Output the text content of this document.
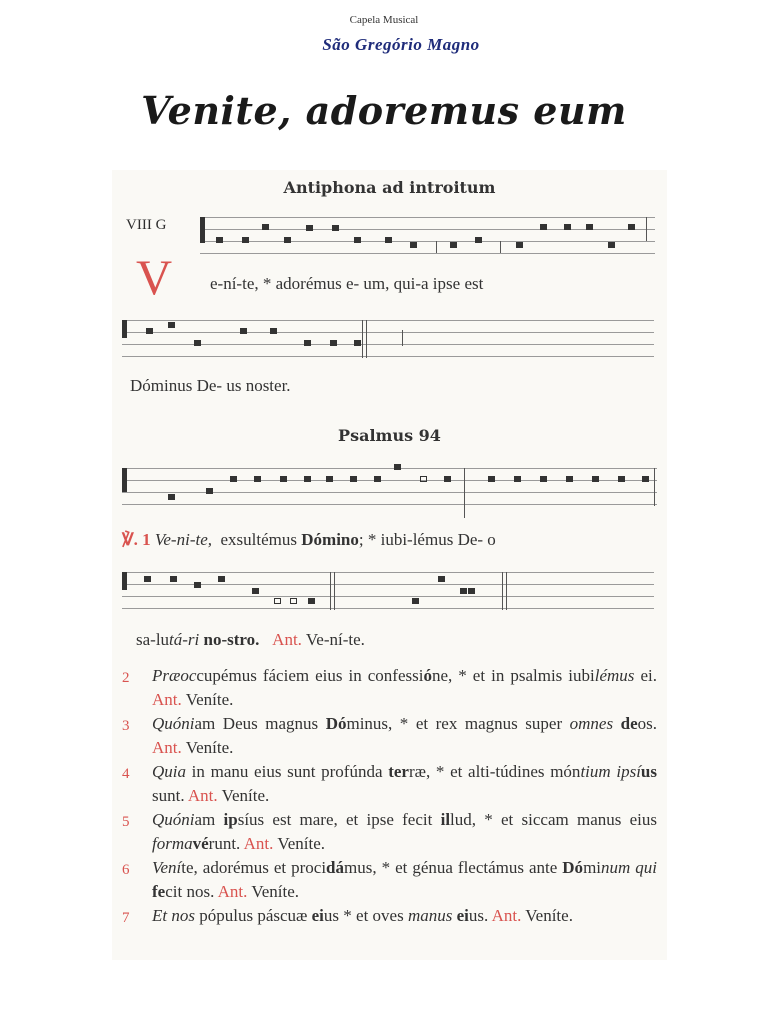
Capela Musical
São Gregório Magno
Venite, adoremus eum
Antiphona ad introitum
VIII G
V e-ní-te, * adorémus e- um, qui-a ipse est
Dóminus De- us noster.
Psalmus 94
℣. 1 Ve-ni-te, exsultémus Dómino; * iubi-lémus De- o
sa-lutá-ri no-stro. Ant. Ve-ní-te.
2 Præoccupémus fáciem eius in confessióne, * et in psalmis iubilémus ei. Ant. Veníte.
3 Quóniam Deus magnus Dóminus, * et rex magnus super omnes deos. Ant. Veníte.
4 Quia in manu eius sunt profúnda terræ, * et alti-túdines móntium ipsíus sunt. Ant. Veníte.
5 Quóniam ipsíus est mare, et ipse fecit illud, * et siccam manus eius formavérunt. Ant. Veníte.
6 Veníte, adorémus et procidámus, * et génua flectámus ante Dóminum qui fecit nos. Ant. Veníte.
7 Et nos pópulus páscuæ eius * et oves manus eius. Ant. Veníte.
